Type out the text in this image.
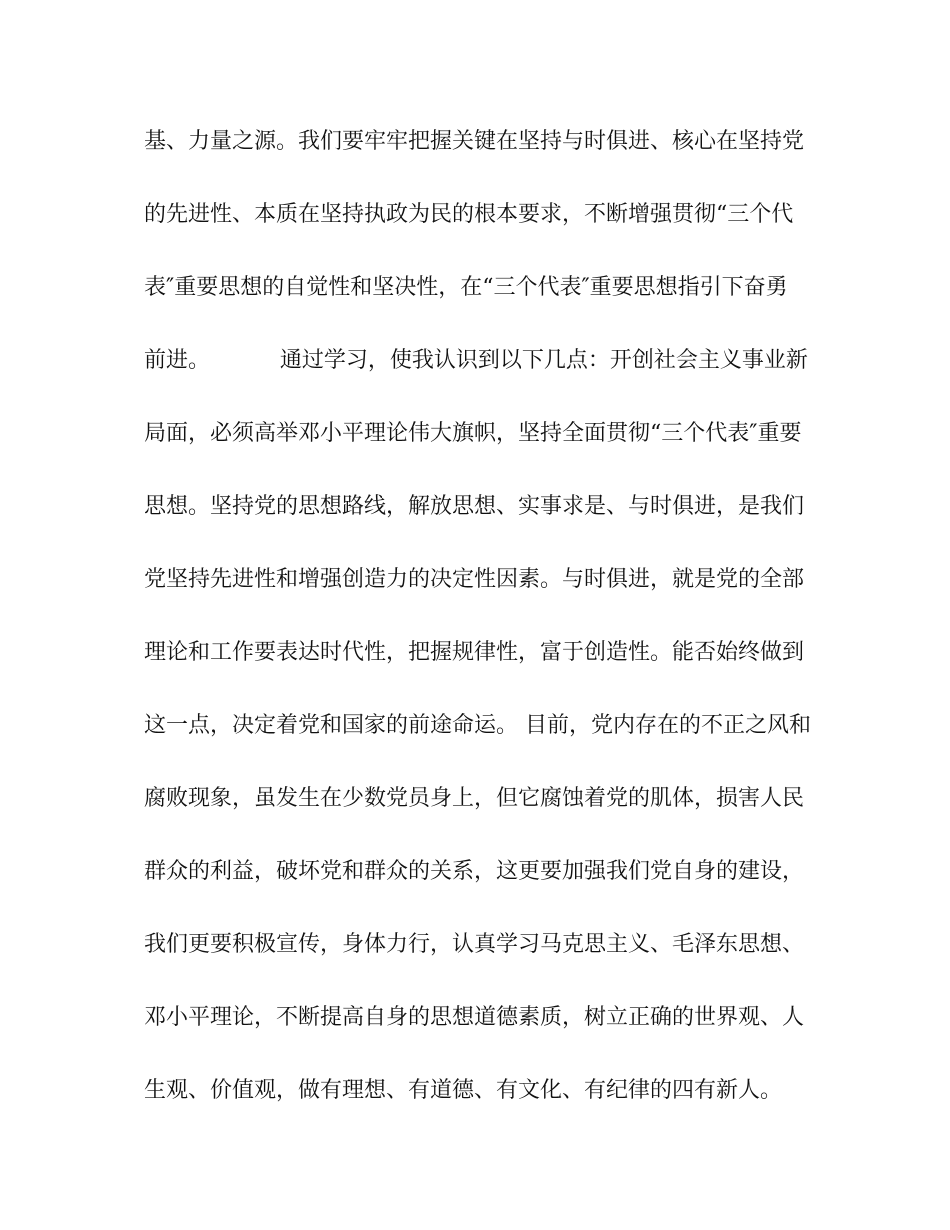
基、力量之源。我们要牢牢把握关键在坚持与时俱进、核心在坚持党
的先进性、本质在坚持执政为民的根本要求，不断增强贯彻“三个代
表″重要思想的自觉性和坚决性，在“三个代表″重要思想指引下奋勇
前进。          通过学习，使我认识到以下几点：开创社会主义事业新
局面，必须高举邓小平理论伟大旗帜，坚持全面贯彻“三个代表″重要
思想。坚持党的思想路线，解放思想、实事求是、与时俱进，是我们
党坚持先进性和增强创造力的决定性因素。与时俱进，就是党的全部
理论和工作要表达时代性，把握规律性，富于创造性。能否始终做到
这一点，决定着党和国家的前途命运。 目前，党内存在的不正之风和
腐败现象，虽发生在少数党员身上，但它腐蚀着党的肌体，损害人民
群众的利益，破坏党和群众的关系，这更要加强我们党自身的建设，
我们更要积极宣传，身体力行，认真学习马克思主义、毛泽东思想、
邓小平理论，不断提高自身的思想道德素质，树立正确的世界观、人
生观、价值观，做有理想、有道德、有文化、有纪律的四有新人。
